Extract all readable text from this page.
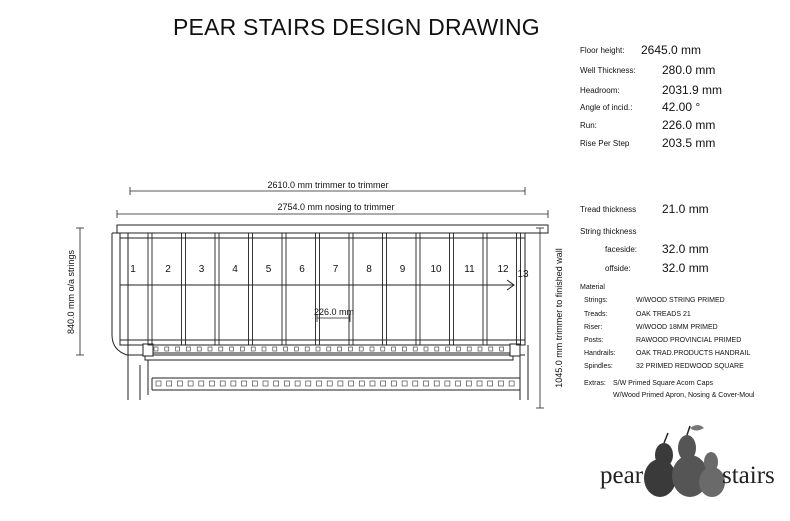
PEAR STAIRS DESIGN DRAWING
Floor height: 2645.0 mm
Well Thickness: 280.0 mm
Headroom:	2031.9 mm
Angle of incid.: 42.00 °
Run:	226.0 mm
Rise Per Step	203.5 mm
Tread thickness 21.0 mm
String thickness
faceside: 32.0 mm
offside:	32.0 mm
Material
Strings:	W/WOOD STRING PRIMED
Treads:	OAK TREADS 21
Riser:	W/WOOD 18MM PRIMED
Posts:	RAWOOD PROVINCIAL PRIMED
Handrails:	OAK TRAD.PRODUCTS HANDRAIL
Spindles:	32 PRIMED REDWOOD SQUARE
Extras: S/W Primed Square Acorn Caps
W/Wood Primed Apron, Nosing & Cover-Moul
1	2	3	4	5	6	7	8	9	10 11 12 13
2610.0 mm trimmer to trimmer
2754.0 mm nosing to trimmer
226.0 mm
840.0 mm o/a strings	1045.0 mm trimmer to finished wall
pear	stairs
